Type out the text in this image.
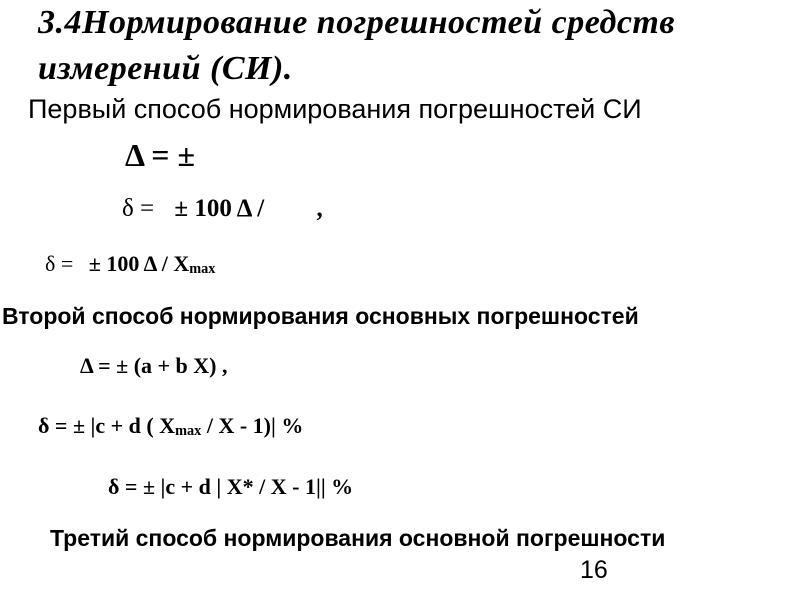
3.4Нормирование погрешностей средств
измерений (СИ).
Первый способ нормирования погрешностей СИ
Δ = ±
δ = ± 100 Δ / ,
δ = ± 100 Δ / $X_{max}$
Второй способ нормирования основных погрешностей
Δ = ± (a + b X) ,
δ = ± |c + d ( $X_{max}$ / X - 1)| %
δ = ± |c + d | X* / X - 1|| %
Третий способ нормирования основной погрешности
16
